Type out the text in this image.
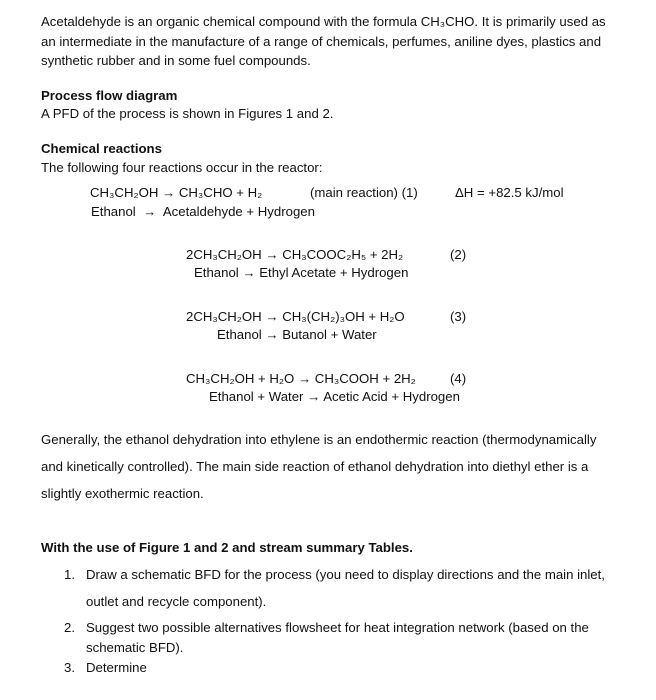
Acetaldehyde is an organic chemical compound with the formula CH₃CHO. It is primarily used as
an intermediate in the manufacture of a range of chemicals, perfumes, aniline dyes, plastics and
synthetic rubber and in some fuel compounds.
Process flow diagram
A PFD of the process is shown in Figures 1 and 2.
Chemical reactions
The following four reactions occur in the reactor:
CH₃CH₂OH → CH₃CHO + H₂	(main reaction) (1)	ΔH = +82.5 kJ/mol
Ethanol  →  Acetaldehyde + Hydrogen
2CH₃CH₂OH → CH₃COOC₂H₅ + 2H₂	(2)
Ethanol → Ethyl Acetate + Hydrogen
2CH₃CH₂OH → CH₃(CH₂)₃OH + H₂O	(3)
Ethanol → Butanol + Water
CH₃CH₂OH + H₂O → CH₃COOH + 2H₂	(4)
Ethanol + Water → Acetic Acid + Hydrogen
Generally, the ethanol dehydration into ethylene is an endothermic reaction (thermodynamically
and kinetically controlled). The main side reaction of ethanol dehydration into diethyl ether is a
slightly exothermic reaction.
With the use of Figure 1 and 2 and stream summary Tables.
1. Draw a schematic BFD for the process (you need to display directions and the main inlet,
outlet and recycle component).
2. Suggest two possible alternatives flowsheet for heat integration network (based on the
schematic BFD).
3. Determine
